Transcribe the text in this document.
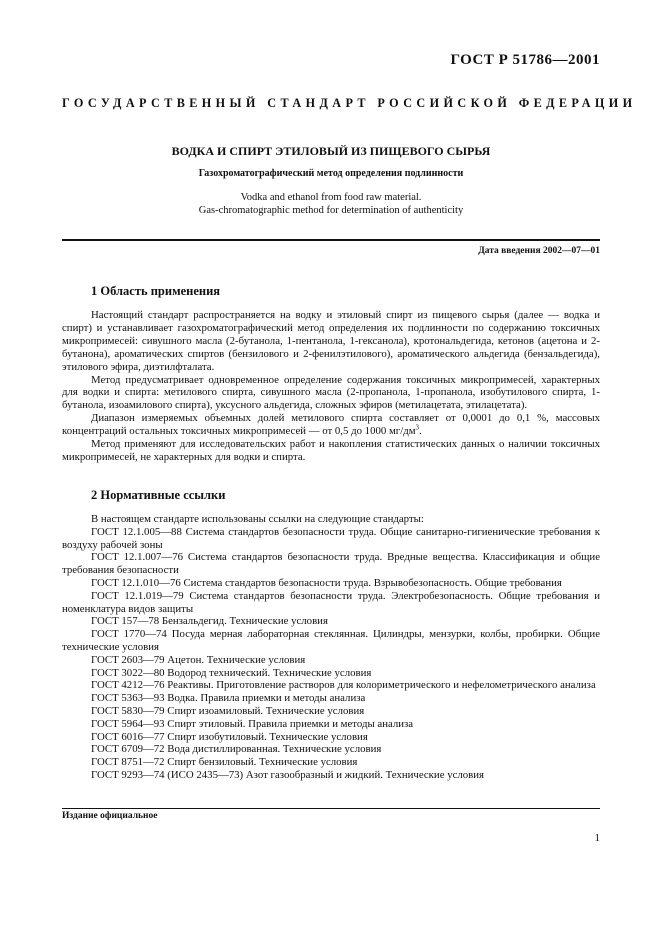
ГОСТ Р 51786—2001
ГОСУДАРСТВЕННЫЙ СТАНДАРТ РОССИЙСКОЙ ФЕДЕРАЦИИ
ВОДКА И СПИРТ ЭТИЛОВЫЙ ИЗ ПИЩЕВОГО СЫРЬЯ
Газохроматографический метод определения подлинности
Vodka and ethanol from food raw material.
Gas-chromatographic method for determination of authenticity
Дата введения 2002—07—01
1 Область применения

Настоящий стандарт распространяется на водку и этиловый спирт из пищевого сырья (далее — водка и спирт) и устанавливает газохроматографический метод определения их подлинности по содержанию токсичных микропримесей: сивушного масла (2-бутанола, 1-пентанола, 1-гексанола), кротональдегида, кетонов (ацетона и 2-бутанона), ароматических спиртов (бензилового и 2-фенилэтилового), ароматического альдегида (бензальдегида), этилового эфира, диэтилфталата.

Метод предусматривает одновременное определение содержания токсичных микропримесей, характерных для водки и спирта: метилового спирта, сивушного масла (2-пропанола, 1-пропанола, изобутилового спирта, 1-бутанола, изоамилового спирта), уксусного альдегида, сложных эфиров (метилацетата, этилацетата).

Диапазон измеряемых объемных долей метилового спирта составляет от 0,0001 до 0,1 %, массовых концентраций остальных токсичных микропримесей — от 0,5 до 1000 $мг/дм^3$.

Метод применяют для исследовательских работ и накопления статистических данных о наличии токсичных микропримесей, не характерных для водки и спирта.

2 Нормативные ссылки

В настоящем стандарте использованы ссылки на следующие стандарты:

ГОСТ 12.1.005—88 Система стандартов безопасности труда. Общие санитарно-гигиенические требования к воздуху рабочей зоны

ГОСТ 12.1.007—76 Система стандартов безопасности труда. Вредные вещества. Классификация и общие требования безопасности

ГОСТ 12.1.010—76 Система стандартов безопасности труда. Взрывобезопасность. Общие требования

ГОСТ 12.1.019—79 Система стандартов безопасности труда. Электробезопасность. Общие требования и номенклатура видов защиты

ГОСТ 157—78 Бензальдегид. Технические условия

ГОСТ 1770—74 Посуда мерная лабораторная стеклянная. Цилиндры, мензурки, колбы, пробирки. Общие технические условия

ГОСТ 2603—79 Ацетон. Технические условия

ГОСТ 3022—80 Водород технический. Технические условия

ГОСТ 4212—76 Реактивы. Приготовление растворов для колориметрического и нефелометрического анализа

ГОСТ 5363—93 Водка. Правила приемки и методы анализа

ГОСТ 5830—79 Спирт изоамиловый. Технические условия

ГОСТ 5964—93 Спирт этиловый. Правила приемки и методы анализа

ГОСТ 6016—77 Спирт изобутиловый. Технические условия

ГОСТ 6709—72 Вода дистиллированная. Технические условия

ГОСТ 8751—72 Спирт бензиловый. Технические условия

ГОСТ 9293—74 (ИСО 2435—73) Азот газообразный и жидкий. Технические условия

Издание официальное
1
